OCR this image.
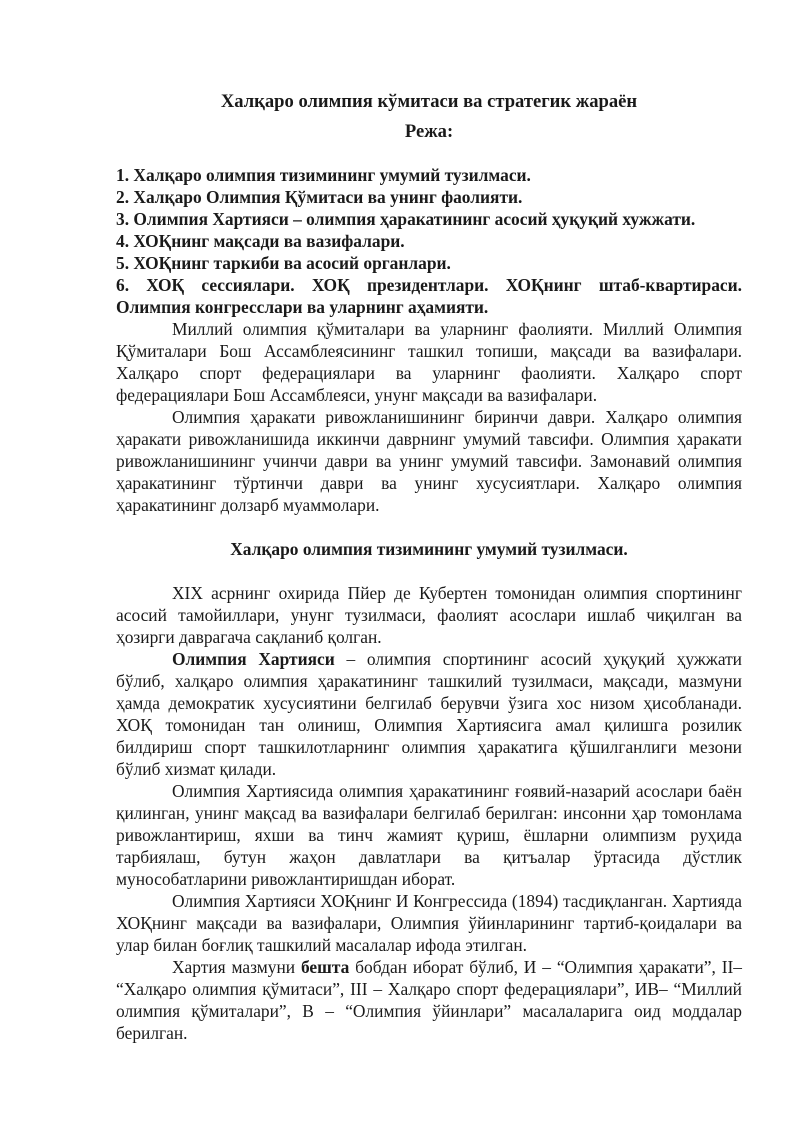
Халқаро олимпия кўмитаси ва стратегик жараён
Режа:
1. Халқаро олимпия тизимининг умумий тузилмаси.
2. Халқаро Олимпия Қўмитаси ва унинг фаолияти.
3. Олимпия Хартияси – олимпия ҳаракатининг асосий ҳуқуқий хужжати.
4. ХОҚнинг мақсади ва вазифалари.
5. ХОҚнинг таркиби ва асосий органлари.
6. ХОҚ сессиялари. ХОҚ президентлари. ХОҚнинг штаб-квартираси. Олимпия конгресслари ва уларнинг аҳамияти.

Миллий олимпия қўмиталари ва уларнинг фаолияти. Миллий Олимпия Қўмиталари Бош Ассамблеясининг ташкил топиши, мақсади ва вазифалари. Халқаро спорт федерациялари ва уларнинг фаолияти. Халқаро спорт федерациялари Бош Ассамблеяси, унунг мақсади ва вазифалари.

Олимпия ҳаракати ривожланишининг биринчи даври. Халқаро олимпия ҳаракати ривожланишида иккинчи даврнинг умумий тавсифи. Олимпия ҳаракати ривожланишининг учинчи даври ва унинг умумий тавсифи. Замонавий олимпия ҳаракатининг тўртинчи даври ва унинг хусусиятлари. Халқаро олимпия ҳаракатининг долзарб муаммолари.

Халқаро олимпия тизимининг умумий тузилмаси.

XIX асрнинг охирида Пйер де Кубертен томонидан олимпия спортининг асосий тамойиллари, унунг тузилмаси, фаолият асослари ишлаб чиқилган ва ҳозирги даврагача сақланиб қолган.

Олимпия Хартияси – олимпия спортининг асосий ҳуқуқий ҳужжати бўлиб, халқаро олимпия ҳаракатининг ташкилий тузилмаси, мақсади, мазмуни ҳамда демократик хусусиятини белгилаб берувчи ўзига хос низом ҳисобланади. ХОҚ томонидан тан олиниш, Олимпия Хартиясига амал қилишга розилик билдириш спорт ташкилотларнинг олимпия ҳаракатига қўшилганлиги мезони бўлиб хизмат қилади.

Олимпия Хартиясида олимпия ҳаракатининг ғоявий-назарий асослари баён қилинган, унинг мақсад ва вазифалари белгилаб берилган: инсонни ҳар томонлама ривожлантириш, яхши ва тинч жамият қуриш, ёшларни олимпизм руҳида тарбиялаш, бутун жаҳон давлатлари ва қитъалар ўртасида дўстлик мунособатларини ривожлантиришдан иборат.

Олимпия Хартияси ХОҚнинг И Конгрессида (1894) тасдиқланган. Хартияда ХОҚнинг мақсади ва вазифалари, Олимпия ўйинларининг тартиб-қоидалари ва улар билан боғлиқ ташкилий масалалар ифода этилган.

Хартия мазмуни бешта бобдан иборат бўлиб, И – “Олимпия ҳаракати”, II– “Халқаро олимпия қўмитаси”, III – Халқаро спорт федерациялари”, ИВ– “Миллий олимпия қўмиталари”, В – “Олимпия ўйинлари” масалаларига оид моддалар берилган.
